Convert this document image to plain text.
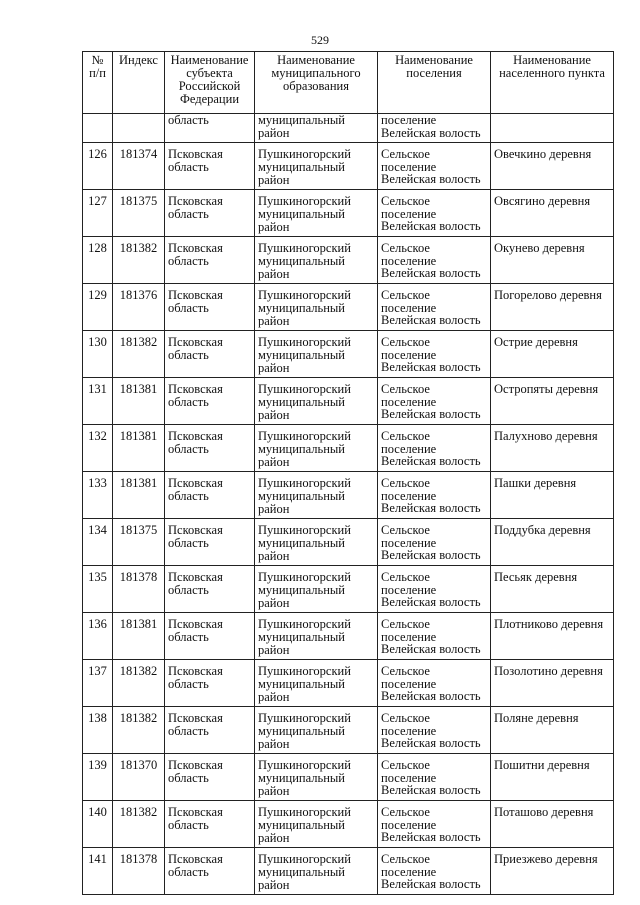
529
№ п/п	Индекс	Наименование субъекта Российской Федерации	Наименование муниципального образования	Наименование поселения	Наименование населенного пункта
		область	муниципальный район	поселение Велейская волость	
126	181374	Псковская область	Пушкиногорский муниципальный район	Сельское поселение Велейская волость	Овечкино деревня
127	181375	Псковская область	Пушкиногорский муниципальный район	Сельское поселение Велейская волость	Овсягино деревня
128	181382	Псковская область	Пушкиногорский муниципальный район	Сельское поселение Велейская волость	Окунево деревня
129	181376	Псковская область	Пушкиногорский муниципальный район	Сельское поселение Велейская волость	Погорелово деревня
130	181382	Псковская область	Пушкиногорский муниципальный район	Сельское поселение Велейская волость	Острие деревня
131	181381	Псковская область	Пушкиногорский муниципальный район	Сельское поселение Велейская волость	Остропяты деревня
132	181381	Псковская область	Пушкиногорский муниципальный район	Сельское поселение Велейская волость	Палухново деревня
133	181381	Псковская область	Пушкиногорский муниципальный район	Сельское поселение Велейская волость	Пашки деревня
134	181375	Псковская область	Пушкиногорский муниципальный район	Сельское поселение Велейская волость	Поддубка деревня
135	181378	Псковская область	Пушкиногорский муниципальный район	Сельское поселение Велейская волость	Песьяк деревня
136	181381	Псковская область	Пушкиногорский муниципальный район	Сельское поселение Велейская волость	Плотниково деревня
137	181382	Псковская область	Пушкиногорский муниципальный район	Сельское поселение Велейская волость	Позолотино деревня
138	181382	Псковская область	Пушкиногорский муниципальный район	Сельское поселение Велейская волость	Поляне деревня
139	181370	Псковская область	Пушкиногорский муниципальный район	Сельское поселение Велейская волость	Пошитни деревня
140	181382	Псковская область	Пушкиногорский муниципальный район	Сельское поселение Велейская волость	Поташово деревня
141	181378	Псковская область	Пушкиногорский муниципальный район	Сельское поселение Велейская волость	Приезжево деревня
